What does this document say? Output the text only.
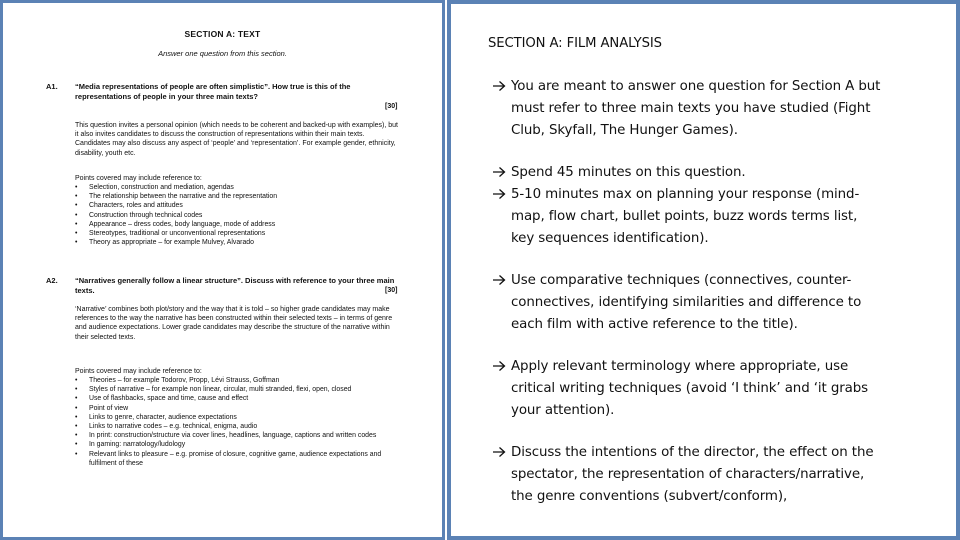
SECTION A: TEXT
Answer one question from this section.
A1. “Media representations of people are often simplistic”. How true is this of the representations of people in your three main texts?
[30]
This question invites a personal opinion (which needs to be coherent and backed-up with examples), but it also invites candidates to discuss the construction of representations within their main texts. Candidates may also discuss any aspect of ‘people’ and ‘representation’. For example gender, ethnicity, disability, youth etc.
Points covered may include reference to:
• Selection, construction and mediation, agendas
• The relationship between the narrative and the representation
• Characters, roles and attitudes
• Construction through technical codes
• Appearance – dress codes, body language, mode of address
• Stereotypes, traditional or unconventional representations
• Theory as appropriate – for example Mulvey, Alvarado
A2. “Narratives generally follow a linear structure”. Discuss with reference to your three main texts.	[30]
‘Narrative’ combines both plot/story and the way that it is told – so higher grade candidates may make references to the way the narrative has been constructed within their selected texts – in terms of genre and audience expectations. Lower grade candidates may describe the structure of the narrative within their selected texts.
Points covered may include reference to:
• Theories – for example Todorov, Propp, Lévi Strauss, Goffman
• Styles of narrative – for example non linear, circular, multi stranded, flexi, open, closed
• Use of flashbacks, space and time, cause and effect
• Point of view
• Links to genre, character, audience expectations
• Links to narrative codes – e.g. technical, enigma, audio
• In print: construction/structure via cover lines, headlines, language, captions and written codes
• In gaming: narratology/ludology
• Relevant links to pleasure – e.g. promise of closure, cognitive game, audience expectations and fulfilment of these
SECTION A: FILM ANALYSIS
You are meant to answer one question for Section A but
must refer to three main texts you have studied (Fight
Club, Skyfall, The Hunger Games).
Spend 45 minutes on this question.
5-10 minutes max on planning your response (mind-
map, flow chart, bullet points, buzz words terms list,
key sequences identification).
Use comparative techniques (connectives, counter-
connectives, identifying similarities and difference to
each film with active reference to the title).
Apply relevant terminology where appropriate, use
critical writing techniques (avoid ‘I think’ and ‘it grabs
your attention).
Discuss the intentions of the director, the effect on the
spectator, the representation of characters/narrative,
the genre conventions (subvert/conform),
